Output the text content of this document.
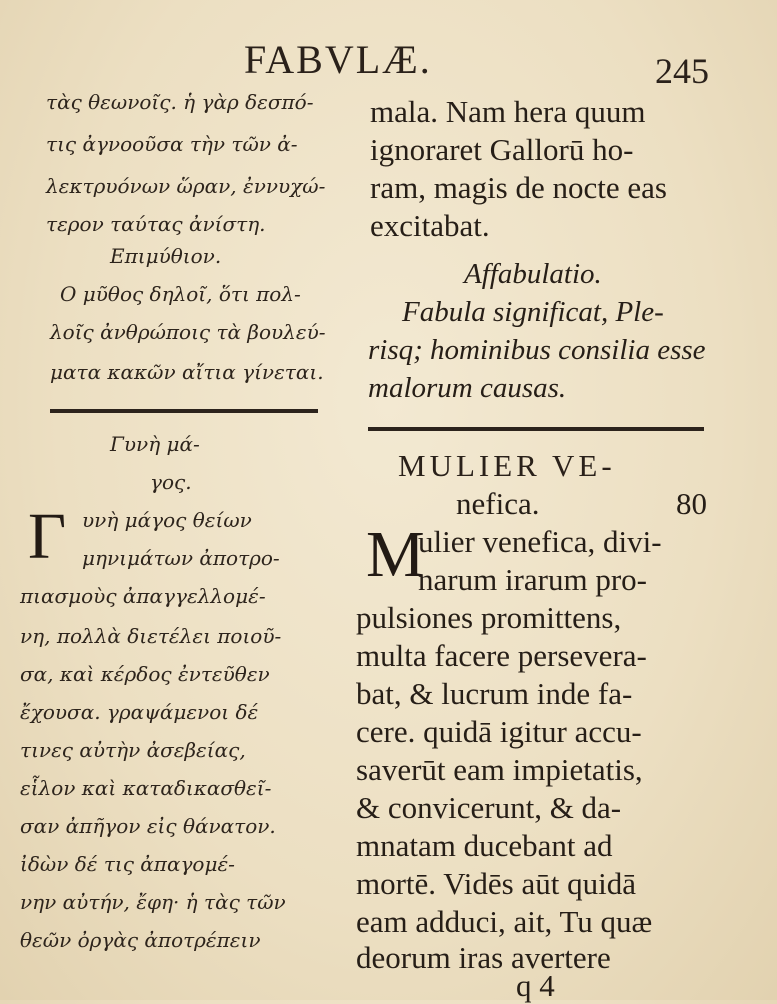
FABVLÆ.	245
τὰς θεωνοῖς. ἡ γὰρ δεσπό-
τις ἀγνοοῦσα τὴν τῶν ἀ-
λεκτρυόνων ὥραν, ἐννυχώ-
τερον ταύτας ἀνίστη.
Επιμύθιον.
Ο μῦθος δηλοῖ, ὅτι πολ-
λοῖς ἀνθρώποις τὰ βουλεύ-
ματα κακῶν αἴτια γίνεται.
Γυνὴ μά-
γος.
Γ υνὴ μάγος θείων
μηνιμάτων ἀποτρο-
πιασμοὺς ἀπαγγελλομέ-
νη, πολλὰ διετέλει ποιοῦ-
σα, καὶ κέρδος ἐντεῦθεν
ἔχουσα. γραψάμενοι δέ
τινες αὐτὴν ἀσεβείας,
εἷλον καὶ καταδικασθεῖ-
σαν ἀπῆγον εἰς θάνατον.
ἰδὼν δέ τις ἀπαγομέ-
νην αὐτήν, ἔφη· ἡ τὰς τῶν
θεῶν ὀργὰς ἀποτρέπειν
mala. Nam hera quum
ignoraret Gallorū ho-
ram, magis de nocte eas
excitabat.
Affabulatio.
Fabula significat, Ple-
risq; hominibus consilia esse
malorum causas.
MULIER VE-
nefica.	80
M
ulier venefica, divi-
narum irarum pro-
pulsiones promittens,
multa facere persevera-
bat, & lucrum inde fa-
cere. quidā igitur accu-
saverūt eam impietatis,
& convicerunt, & da-
mnatam ducebant ad
mortē. Vidēs aūt quidā
eam adduci, ait, Tu quæ
deorum iras avertere
q 4
